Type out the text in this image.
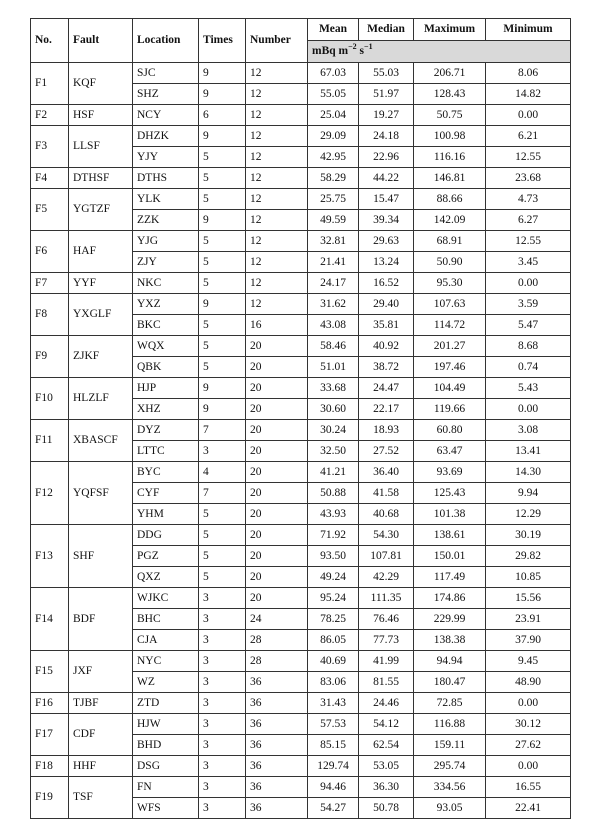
No.	Fault	Location	Times	Number	Mean	Median	Maximum	Minimum
					mBq $m^{-2}$ $s^{-1}$
F1	KQF	SJC	9	12	67.03	55.03	206.71	8.06
		SHZ	9	12	55.05	51.97	128.43	14.82
F2	HSF	NCY	6	12	25.04	19.27	50.75	0.00
F3	LLSF	DHZK	9	12	29.09	24.18	100.98	6.21
		YJY	5	12	42.95	22.96	116.16	12.55
F4	DTHSF	DTHS	5	12	58.29	44.22	146.81	23.68
F5	YGTZF	YLK	5	12	25.75	15.47	88.66	4.73
		ZZK	9	12	49.59	39.34	142.09	6.27
F6	HAF	YJG	5	12	32.81	29.63	68.91	12.55
		ZJY	5	12	21.41	13.24	50.90	3.45
F7	YYF	NKC	5	12	24.17	16.52	95.30	0.00
F8	YXGLF	YXZ	9	12	31.62	29.40	107.63	3.59
		BKC	5	16	43.08	35.81	114.72	5.47
F9	ZJKF	WQX	5	20	58.46	40.92	201.27	8.68
		QBK	5	20	51.01	38.72	197.46	0.74
F10	HLZLF	HJP	9	20	33.68	24.47	104.49	5.43
		XHZ	9	20	30.60	22.17	119.66	0.00
F11	XBASCF	DYZ	7	20	30.24	18.93	60.80	3.08
		LTTC	3	20	32.50	27.52	63.47	13.41
F12	YQFSF	BYC	4	20	41.21	36.40	93.69	14.30
		CYF	7	20	50.88	41.58	125.43	9.94
		YHM	5	20	43.93	40.68	101.38	12.29
F13	SHF	DDG	5	20	71.92	54.30	138.61	30.19
		PGZ	5	20	93.50	107.81	150.01	29.82
		QXZ	5	20	49.24	42.29	117.49	10.85
F14	BDF	WJKC	3	20	95.24	111.35	174.86	15.56
		BHC	3	24	78.25	76.46	229.99	23.91
		CJA	3	28	86.05	77.73	138.38	37.90
F15	JXF	NYC	3	28	40.69	41.99	94.94	9.45
		WZ	3	36	83.06	81.55	180.47	48.90
F16	TJBF	ZTD	3	36	31.43	24.46	72.85	0.00
F17	CDF	HJW	3	36	57.53	54.12	116.88	30.12
		BHD	3	36	85.15	62.54	159.11	27.62
F18	HHF	DSG	3	36	129.74	53.05	295.74	0.00
F19	TSF	FN	3	36	94.46	36.30	334.56	16.55
		WFS	3	36	54.27	50.78	93.05	22.41
